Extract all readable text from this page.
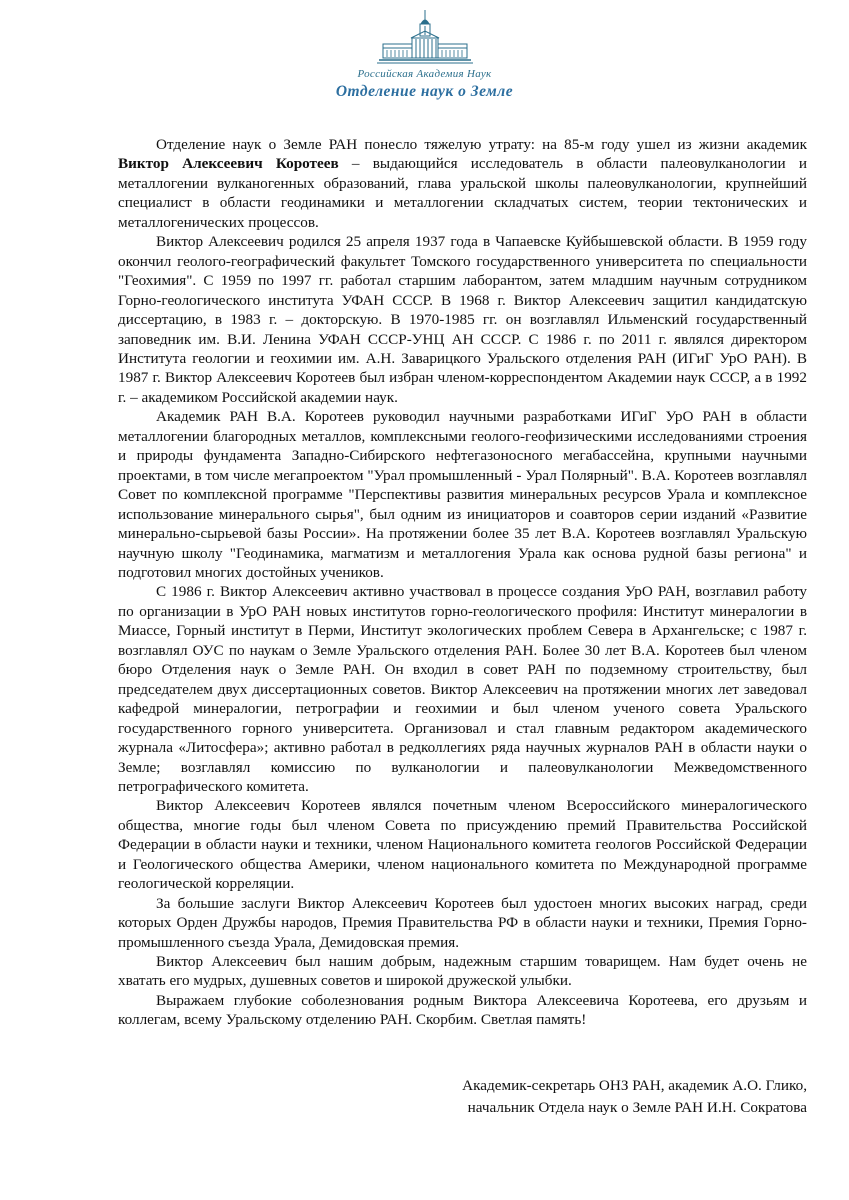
Российская Академия Наук
Отделение наук о Земле

Отделение наук о Земле РАН понесло тяжелую утрату: на 85-м году ушел из жизни академик Виктор Алексеевич Коротеев – выдающийся исследователь в области палеовулканологии и металлогении вулканогенных образований, глава уральской школы палеовулканологии, крупнейший специалист в области геодинамики и металлогении складчатых систем, теории тектонических и металлогенических процессов.

Виктор Алексеевич родился 25 апреля 1937 года в Чапаевске Куйбышевской области. В 1959 году окончил геолого-географический факультет Томского государственного университета по специальности "Геохимия". С 1959 по 1997 гг. работал старшим лаборантом, затем младшим научным сотрудником Горно-геологического института УФАН СССР. В 1968 г. Виктор Алексеевич защитил кандидатскую диссертацию, в 1983 г. – докторскую. В 1970-1985 гг. он возглавлял Ильменский государственный заповедник им. В.И. Ленина УФАН СССР-УНЦ АН СССР. С 1986 г. по 2011 г. являлся директором Института геологии и геохимии им. А.Н. Заварицкого Уральского отделения РАН (ИГиГ УрО РАН). В 1987 г. Виктор Алексеевич Коротеев был избран членом-корреспондентом Академии наук СССР, а в 1992 г. – академиком Российской академии наук.

Академик РАН В.А. Коротеев руководил научными разработками ИГиГ УрО РАН в области металлогении благородных металлов, комплексными геолого-геофизическими исследованиями строения и природы фундамента Западно-Сибирского нефтегазоносного мегабассейна, крупными научными проектами, в том числе мегапроектом "Урал промышленный - Урал Полярный". В.А. Коротеев возглавлял Совет по комплексной программе "Перспективы развития минеральных ресурсов Урала и комплексное использование минерального сырья", был одним из инициаторов и соавторов серии изданий «Развитие минерально-сырьевой базы России». На протяжении более 35 лет В.А. Коротеев возглавлял Уральскую научную школу "Геодинамика, магматизм и металлогения Урала как основа рудной базы региона" и подготовил многих достойных учеников.

С 1986 г. Виктор Алексеевич активно участвовал в процессе создания УрО РАН, возглавил работу по организации в УрО РАН новых институтов горно-геологического профиля: Институт минералогии в Миассе, Горный институт в Перми, Институт экологических проблем Севера в Архангельске; с 1987 г. возглавлял ОУС по наукам о Земле Уральского отделения РАН. Более 30 лет В.А. Коротеев был членом бюро Отделения наук о Земле РАН. Он входил в совет РАН по подземному строительству, был председателем двух диссертационных советов. Виктор Алексеевич на протяжении многих лет заведовал кафедрой минералогии, петрографии и геохимии и был членом ученого совета Уральского государственного горного университета. Организовал и стал главным редактором академического журнала «Литосфера»; активно работал в редколлегиях ряда научных журналов РАН в области науки о Земле; возглавлял комиссию по вулканологии и палеовулканологии Межведомственного петрографического комитета.

Виктор Алексеевич Коротеев являлся почетным членом Всероссийского минералогического общества, многие годы был членом Совета по присуждению премий Правительства Российской Федерации в области науки и техники, членом Национального комитета геологов Российской Федерации и Геологического общества Америки, членом национального комитета по Международной программе геологической корреляции.

За большие заслуги Виктор Алексеевич Коротеев был удостоен многих высоких наград, среди которых Орден Дружбы народов, Премия Правительства РФ в области науки и техники, Премия Горно-промышленного съезда Урала, Демидовская премия.

Виктор Алексеевич был нашим добрым, надежным старшим товарищем. Нам будет очень не хватать его мудрых, душевных советов и широкой дружеской улыбки.

Выражаем глубокие соболезнования родным Виктора Алексеевича Коротеева, его друзьям и коллегам, всему Уральскому отделению РАН. Скорбим. Светлая память!

Академик-секретарь ОНЗ РАН, академик А.О. Глико,
начальник Отдела наук о Земле РАН И.Н. Сократова
